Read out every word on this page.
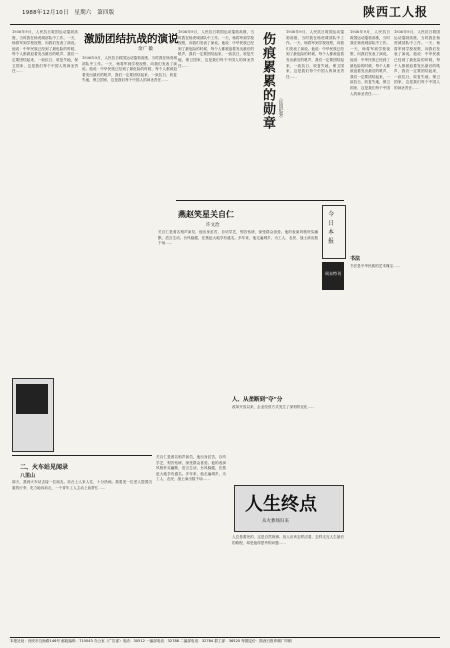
1988年12月10日　星期六　第四版	陕西工人报
1936年9月，人民抗日救国运动蓬勃高涨，当时我在杨虎城部队中工作。一天，杨将军到学校视察，向我们发表了演说。他说：中华民族已经到了最危险的时候，每个人都被迫着发出最后的吼声，我们一定要团结起来，一致抗日，收复失地，保卫国家，这是我们每个中国人的神圣责任……
激励团结抗战的演说
余广 徽
1936年9月，人民抗日救国运动蓬勃高涨，当时我在杨虎城部队中工作。一天，杨将军到学校视察，向我们发表了演说。他说：中华民族已经到了最危险的时候，每个人都被迫着发出最后的吼声，我们一定要团结起来，一致抗日，收复失地，保卫国家，这是我们每个中国人的神圣责任……
1936年9月，人民抗日救国运动蓬勃高涨，当时我在杨虎城部队中工作。一天，杨将军到学校视察，向我们发表了演说。他说：中华民族已经到了最危险的时候，每个人都被迫着发出最后的吼声，我们一定要团结起来，一致抗日，收复失地，保卫国家，这是我们每个中国人的神圣责任……	伤痕累累的勋章	（民国纪事）
1936年9月，人民抗日救国运动蓬勃高涨，当时我在杨虎城部队中工作。一天，杨将军到学校视察，向我们发表了演说。他说：中华民族已经到了最危险的时候，每个人都被迫着发出最后的吼声，我们一定要团结起来，一致抗日，收复失地，保卫国家，这是我们每个中国人的神圣责任……
1936年9月，人民抗日救国运动蓬勃高涨，当时我在杨虎城部队中工作。一天，杨将军到学校视察，向我们发表了演说。他说：中华民族已经到了最危险的时候，每个人都被迫着发出最后的吼声，我们一定要团结起来，一致抗日，收复失地，保卫国家，这是我们每个中国人的神圣责任……
1936年9月，人民抗日救国运动蓬勃高涨，当时我在杨虎城部队中工作。一天，杨将军到学校视察，向我们发表了演说。他说：中华民族已经到了最危险的时候，每个人都被迫着发出最后的吼声，我们一定要团结起来，一致抗日，收复失地，保卫国家，这是我们每个中国人的神圣责任……
燕赵笑星关自仁
许文治
关自仁是著名相声演员，他出身贫苦，自幼学艺，刻苦钻研，深受群众喜爱。他的表演风格朴实幽默，语言生动，台风稳健，在燕赵大地享有盛名。多年来，他走遍城乡，为工人、农民、战士演出数千场……
今
日
本
报
周末特刊
二、火车站见闻录
八里山
那天，我到火车站去接一位朋友。站台上人来人往，十分热闹。我看见一位老人提着沉重的行李，吃力地向前走，一个青年工人主动上前帮忙……
关自仁是著名相声演员，他出身贫苦，自幼学艺，刻苦钻研，深受群众喜爱。他的表演风格朴实幽默，语言生动，台风稳健，在燕赵大地享有盛名。多年来，他走遍城乡，为工人、农民、战士演出数千场……
人、从垄断到“夺”分
改革开放以来，企业经营方式发生了深刻的变化……
人生终点
从火葬场归来
人总是要死的，这是自然规律。但人应该怎样活着，怎样走完人生最后的路程，却是值得思考的问题……
书法
书法是中华民族的艺术瑰宝……
本报社址：西安市互助路146号 邮政编码：710043 办公室（广告部）电话：30512 一编部电话：32788 二编部电话：32784 群工部：36520 每期定价：陕西日报印刷厂印刷
